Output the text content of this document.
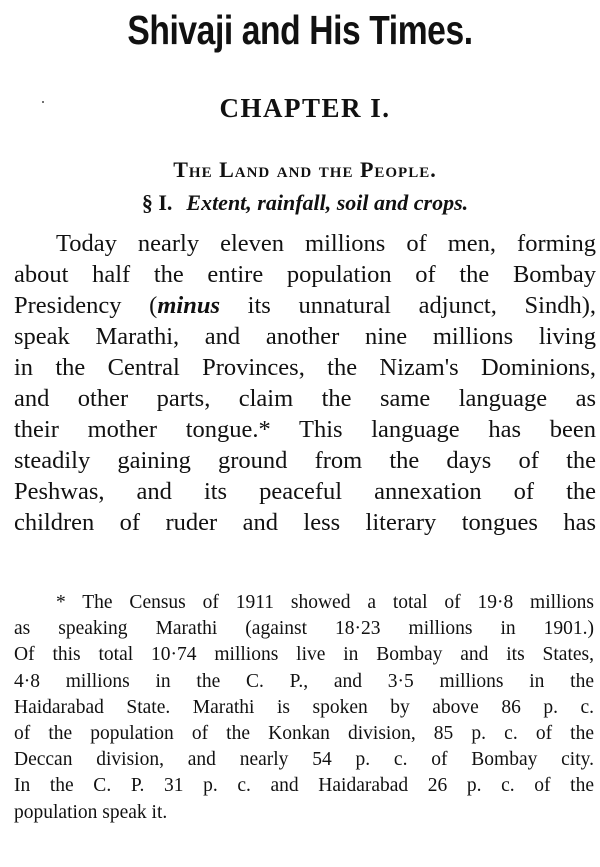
Shivaji and His Times.
CHAPTER I.
The Land and the People.
§ I. Extent, rainfall, soil and crops.
Today nearly eleven millions of men, forming
about half the entire population of the Bombay
Presidency (minus its unnatural adjunct, Sindh),
speak Marathi, and another nine millions living
in the Central Provinces, the Nizam's Dominions,
and other parts, claim the same language as
their mother tongue.* This language has been
steadily gaining ground from the days of the
Peshwas, and its peaceful annexation of the
children of ruder and less literary tongues has
* The Census of 1911 showed a total of 19·8 millions
as speaking Marathi (against 18·23 millions in 1901.)
Of this total 10·74 millions live in Bombay and its States,
4·8 millions in the C. P., and 3·5 millions in the
Haidarabad State. Marathi is spoken by above 86 p. c.
of the population of the Konkan division, 85 p. c. of the
Deccan division, and nearly 54 p. c. of Bombay city.
In the C. P. 31 p. c. and Haidarabad 26 p. c. of the
population speak it.
